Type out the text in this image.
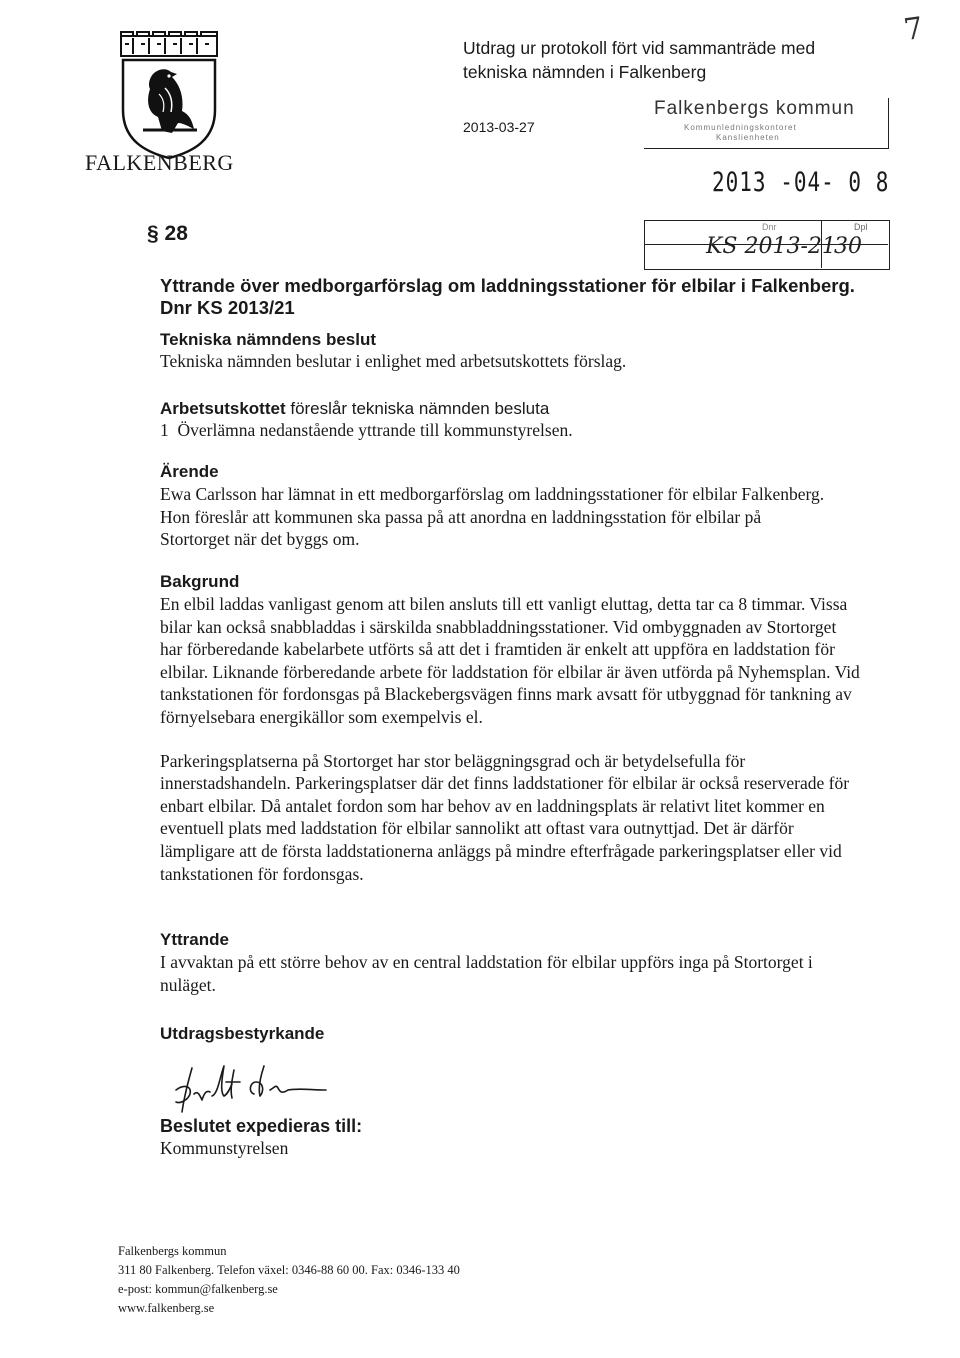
7
FALKENBERG
Utdrag ur protokoll fört vid sammanträde med
tekniska nämnden i Falkenberg
2013-03-27
Falkenbergs kommun
Kommunledningskontoret
Kanslienheten
2013 -04- 0 8
Dnr	Dpl
KS 2013-21
30
§ 28
Yttrande över medborgarförslag om laddningsstationer för elbilar i Falkenberg. Dnr KS 2013/21
Tekniska nämndens beslut
Tekniska nämnden beslutar i enlighet med arbetsutskottets förslag.
Arbetsutskottet föreslår tekniska nämnden besluta
1  Överlämna nedanstående yttrande till kommunstyrelsen.
Ärende
Ewa Carlsson har lämnat in ett medborgarförslag om laddningsstationer för elbilar Falkenberg. Hon föreslår att kommunen ska passa på att anordna en laddningsstation för elbilar på Stortorget när det byggs om.
Bakgrund
En elbil laddas vanligast genom att bilen ansluts till ett vanligt eluttag, detta tar ca 8 timmar. Vissa bilar kan också snabbladdas i särskilda snabbladdningsstationer. Vid ombyggnaden av Stortorget har förberedande kabelarbete utförts så att det i framtiden är enkelt att uppföra en laddstation för elbilar. Liknande förberedande arbete för laddstation för elbilar är även utförda på Nyhemsplan. Vid tankstationen för fordonsgas på Blackebergsvägen finns mark avsatt för utbyggnad för tankning av förnyelsebara energikällor som exempelvis el.
Parkeringsplatserna på Stortorget har stor beläggningsgrad och är betydelsefulla för innerstadshandeln. Parkeringsplatser där det finns laddstationer för elbilar är också reserverade för enbart elbilar. Då antalet fordon som har behov av en laddningsplats är relativt litet kommer en eventuell plats med laddstation för elbilar sannolikt att oftast vara outnyttjad. Det är därför lämpligare att de första laddstationerna anläggs på mindre efterfrågade parkeringsplatser eller vid tankstationen för fordonsgas.
Yttrande
I avvaktan på ett större behov av en central laddstation för elbilar uppförs inga på Stortorget i nuläget.
Utdragsbestyrkande
Beslutet expedieras till:
Kommunstyrelsen
Falkenbergs kommun
311 80 Falkenberg. Telefon växel: 0346-88 60 00. Fax: 0346-133 40
e-post: kommun@falkenberg.se
www.falkenberg.se
